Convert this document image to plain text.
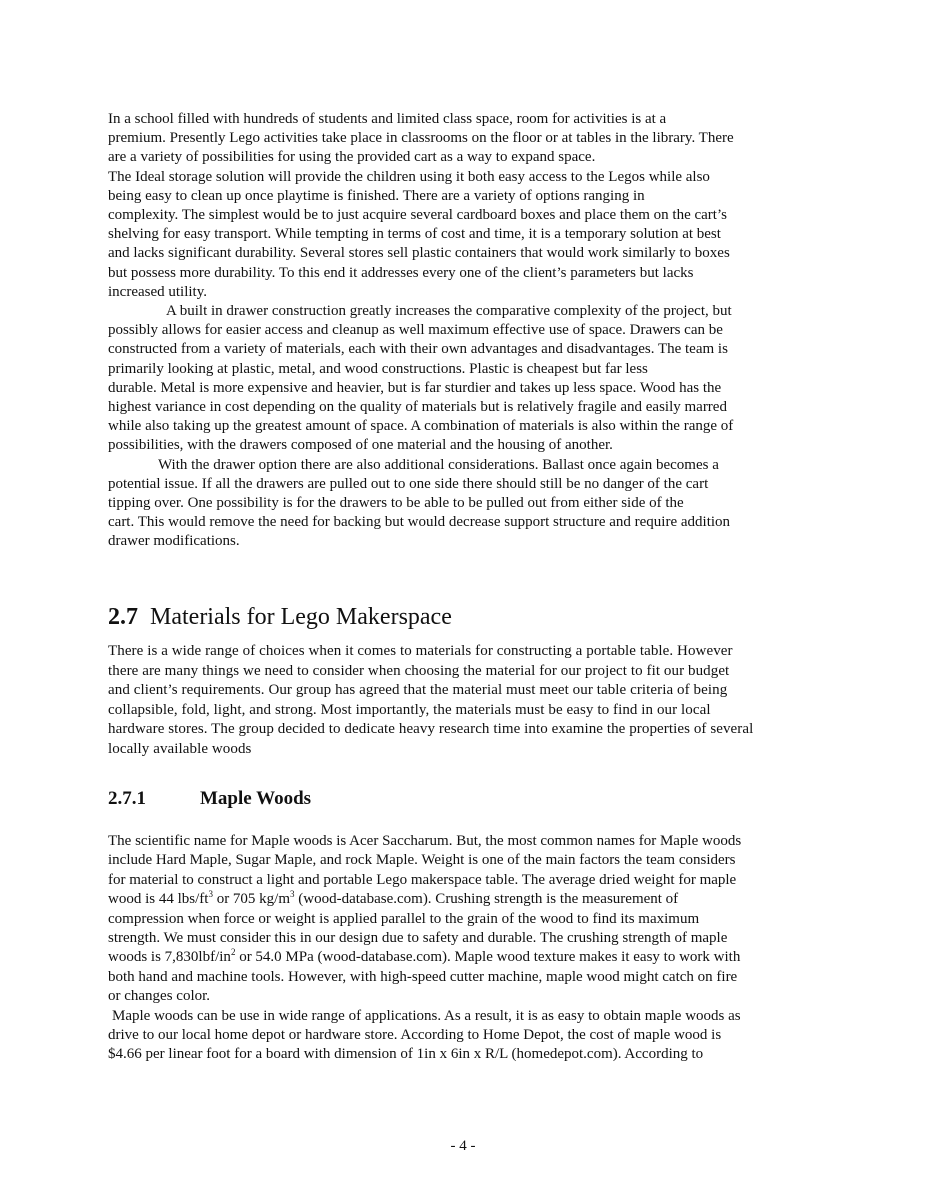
In a school filled with hundreds of students and limited class space, room for activities is at a
premium. Presently Lego activities take place in classrooms on the floor or at tables in the library. There
are a variety of possibilities for using the provided cart as a way to expand space.
The Ideal storage solution will provide the children using it both easy access to the Legos while also
being easy to clean up once playtime is finished. There are a variety of options ranging in
complexity. The simplest would be to just acquire several cardboard boxes and place them on the cart’s
shelving for easy transport. While tempting in terms of cost and time, it is a temporary solution at best
and lacks significant durability. Several stores sell plastic containers that would work similarly to boxes
but possess more durability. To this end it addresses every one of the client’s parameters but lacks
increased utility.
A built in drawer construction greatly increases the comparative complexity of the project, but
possibly allows for easier access and cleanup as well maximum effective use of space. Drawers can be
constructed from a variety of materials, each with their own advantages and disadvantages. The team is
primarily looking at plastic, metal, and wood constructions. Plastic is cheapest but far less
durable. Metal is more expensive and heavier, but is far sturdier and takes up less space. Wood has the
highest variance in cost depending on the quality of materials but is relatively fragile and easily marred
while also taking up the greatest amount of space. A combination of materials is also within the range of
possibilities, with the drawers composed of one material and the housing of another.
With the drawer option there are also additional considerations. Ballast once again becomes a
potential issue. If all the drawers are pulled out to one side there should still be no danger of the cart
tipping over. One possibility is for the drawers to be able to be pulled out from either side of the
cart. This would remove the need for backing but would decrease support structure and require addition
drawer modifications.
2.7 Materials for Lego Makerspace
There is a wide range of choices when it comes to materials for constructing a portable table. However
there are many things we need to consider when choosing the material for our project to fit our budget
and client’s requirements. Our group has agreed that the material must meet our table criteria of being
collapsible, fold, light, and strong. Most importantly, the materials must be easy to find in our local
hardware stores. The group decided to dedicate heavy research time into examine the properties of several
locally available woods
2.7.1	Maple Woods
The scientific name for Maple woods is Acer Saccharum. But, the most common names for Maple woods
include Hard Maple, Sugar Maple, and rock Maple. Weight is one of the main factors the team considers
for material to construct a light and portable Lego makerspace table. The average dried weight for maple
wood is 44 lbs/$ft^3$ or 705 $kg/m^3$ (wood-database.com). Crushing strength is the measurement of
compression when force or weight is applied parallel to the grain of the wood to find its maximum
strength. We must consider this in our design due to safety and durable. The crushing strength of maple
woods is $7,830lbf/in^2$ or 54.0 MPa (wood-database.com). Maple wood texture makes it easy to work with
both hand and machine tools. However, with high-speed cutter machine, maple wood might catch on fire
or changes color.
Maple woods can be use in wide range of applications. As a result, it is as easy to obtain maple woods as
drive to our local home depot or hardware store. According to Home Depot, the cost of maple wood is
$4.66 per linear foot for a board with dimension of 1in x 6in x R/L (homedepot.com). According to
- 4 -
